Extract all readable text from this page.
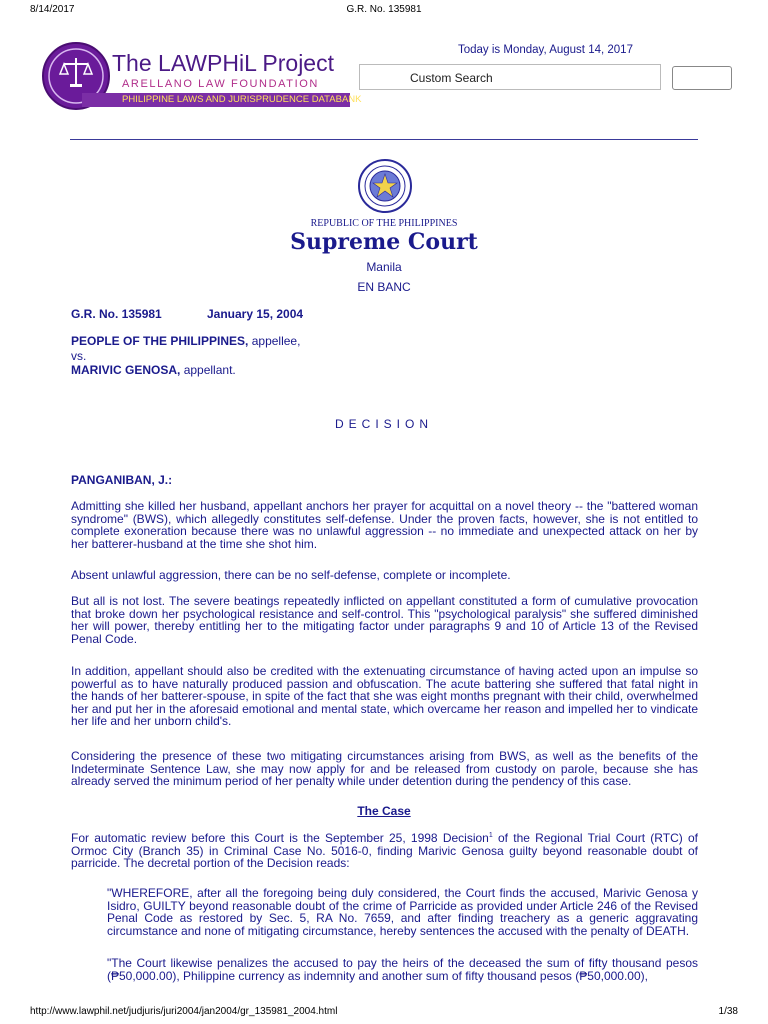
8/14/2017	G.R. No. 135981
The LAWPHiL Project
ARELLANO LAW FOUNDATION
PHILIPPINE LAWS AND JURISPRUDENCE DATABANK
Today is Monday, August 14, 2017
Custom Search
REPUBLIC OF THE PHILIPPINES
Supreme Court
Manila
EN BANC
G.R. No. 135981	January 15, 2004
PEOPLE OF THE PHILIPPINES, appellee,
vs.
MARIVIC GENOSA, appellant.
DECISION
PANGANIBAN, J.:

Admitting she killed her husband, appellant anchors her prayer for acquittal on a novel theory -- the "battered woman syndrome" (BWS), which allegedly constitutes self-defense. Under the proven facts, however, she is not entitled to complete exoneration because there was no unlawful aggression -- no immediate and unexpected attack on her by her batterer-husband at the time she shot him.

Absent unlawful aggression, there can be no self-defense, complete or incomplete.

But all is not lost. The severe beatings repeatedly inflicted on appellant constituted a form of cumulative provocation that broke down her psychological resistance and self-control. This "psychological paralysis" she suffered diminished her will power, thereby entitling her to the mitigating factor under paragraphs 9 and 10 of Article 13 of the Revised Penal Code.

In addition, appellant should also be credited with the extenuating circumstance of having acted upon an impulse so powerful as to have naturally produced passion and obfuscation. The acute battering she suffered that fatal night in the hands of her batterer-spouse, in spite of the fact that she was eight months pregnant with their child, overwhelmed her and put her in the aforesaid emotional and mental state, which overcame her reason and impelled her to vindicate her life and her unborn child's.

Considering the presence of these two mitigating circumstances arising from BWS, as well as the benefits of the Indeterminate Sentence Law, she may now apply for and be released from custody on parole, because she has already served the minimum period of her penalty while under detention during the pendency of this case.

The Case

For automatic review before this Court is the September 25, 1998 Decision$^1$ of the Regional Trial Court (RTC) of Ormoc City (Branch 35) in Criminal Case No. 5016-0, finding Marivic Genosa guilty beyond reasonable doubt of parricide. The decretal portion of the Decision reads:

"WHEREFORE, after all the foregoing being duly considered, the Court finds the accused, Marivic Genosa y Isidro, GUILTY beyond reasonable doubt of the crime of Parricide as provided under Article 246 of the Revised Penal Code as restored by Sec. 5, RA No. 7659, and after finding treachery as a generic aggravating circumstance and none of mitigating circumstance, hereby sentences the accused with the penalty of DEATH.

"The Court likewise penalizes the accused to pay the heirs of the deceased the sum of fifty thousand pesos (₱50,000.00), Philippine currency as indemnity and another sum of fifty thousand pesos (₱50,000.00),

http://www.lawphil.net/judjuris/juri2004/jan2004/gr_135981_2004.html	1/38
